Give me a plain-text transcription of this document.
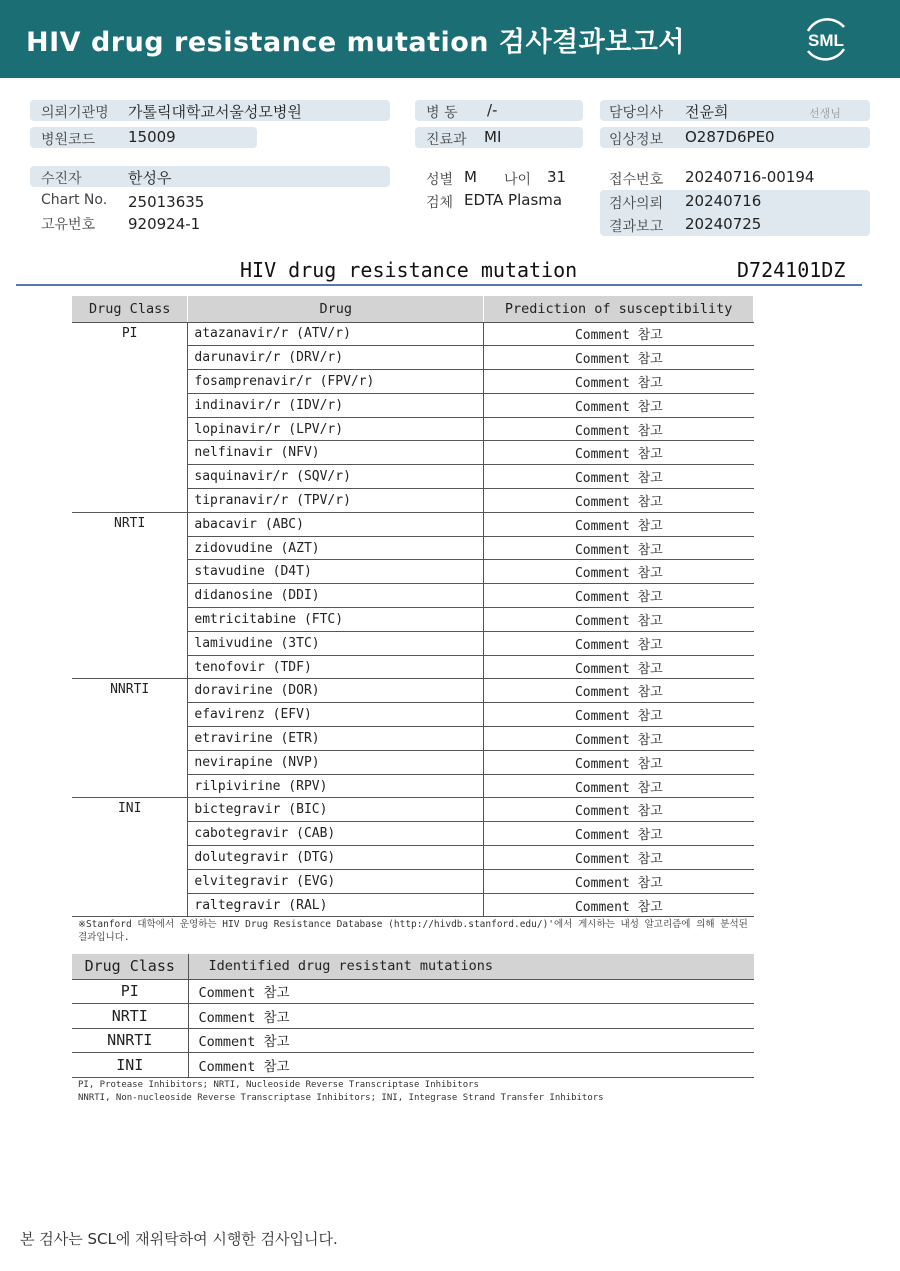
HIV drug resistance mutation 검사결과보고서	SML
의뢰기관명 가톨릭대학교서울성모병원
병원코드 15009
병 동 /-
진료과 MI
담당의사 전윤희	선생님
임상정보 O287D6PE0
수진자	한성우
Chart No. 25013635
고유번호 920924-1
성별 M 나이 31
검체 EDTA Plasma
접수번호 20240716-00194
검사의뢰 20240716
결과보고 20240725
HIV drug resistance mutation	D724101DZ
Drug Class	Drug	Prediction of susceptibility
PI	atazanavir/r (ATV/r)	Comment 참고
	darunavir/r (DRV/r)	Comment 참고
	fosamprenavir/r (FPV/r)	Comment 참고
	indinavir/r (IDV/r)	Comment 참고
	lopinavir/r (LPV/r)	Comment 참고
	nelfinavir (NFV)	Comment 참고
	saquinavir/r (SQV/r)	Comment 참고
	tipranavir/r (TPV/r)	Comment 참고
NRTI	abacavir (ABC)	Comment 참고
	zidovudine (AZT)	Comment 참고
	stavudine (D4T)	Comment 참고
	didanosine (DDI)	Comment 참고
	emtricitabine (FTC)	Comment 참고
	lamivudine (3TC)	Comment 참고
	tenofovir (TDF)	Comment 참고
NNRTI	doravirine (DOR)	Comment 참고
	efavirenz (EFV)	Comment 참고
	etravirine (ETR)	Comment 참고
	nevirapine (NVP)	Comment 참고
	rilpivirine (RPV)	Comment 참고
INI	bictegravir (BIC)	Comment 참고
	cabotegravir (CAB)	Comment 참고
	dolutegravir (DTG)	Comment 참고
	elvitegravir (EVG)	Comment 참고
	raltegravir (RAL)	Comment 참고
※Stanford 대학에서 운영하는 HIV Drug Resistance Database (http://hivdb.stanford.edu/)'에서 게시하는 내성 알고리즘에 의해 분석된 결과입니다.
Drug Class	Identified drug resistant mutations
PI	Comment 참고
NRTI	Comment 참고
NNRTI	Comment 참고
INI	Comment 참고
PI, Protease Inhibitors; NRTI, Nucleoside Reverse Transcriptase Inhibitors
NNRTI, Non-nucleoside Reverse Transcriptase Inhibitors; INI, Integrase Strand Transfer Inhibitors
본 검사는 SCL에 재위탁하여 시행한 검사입니다.
